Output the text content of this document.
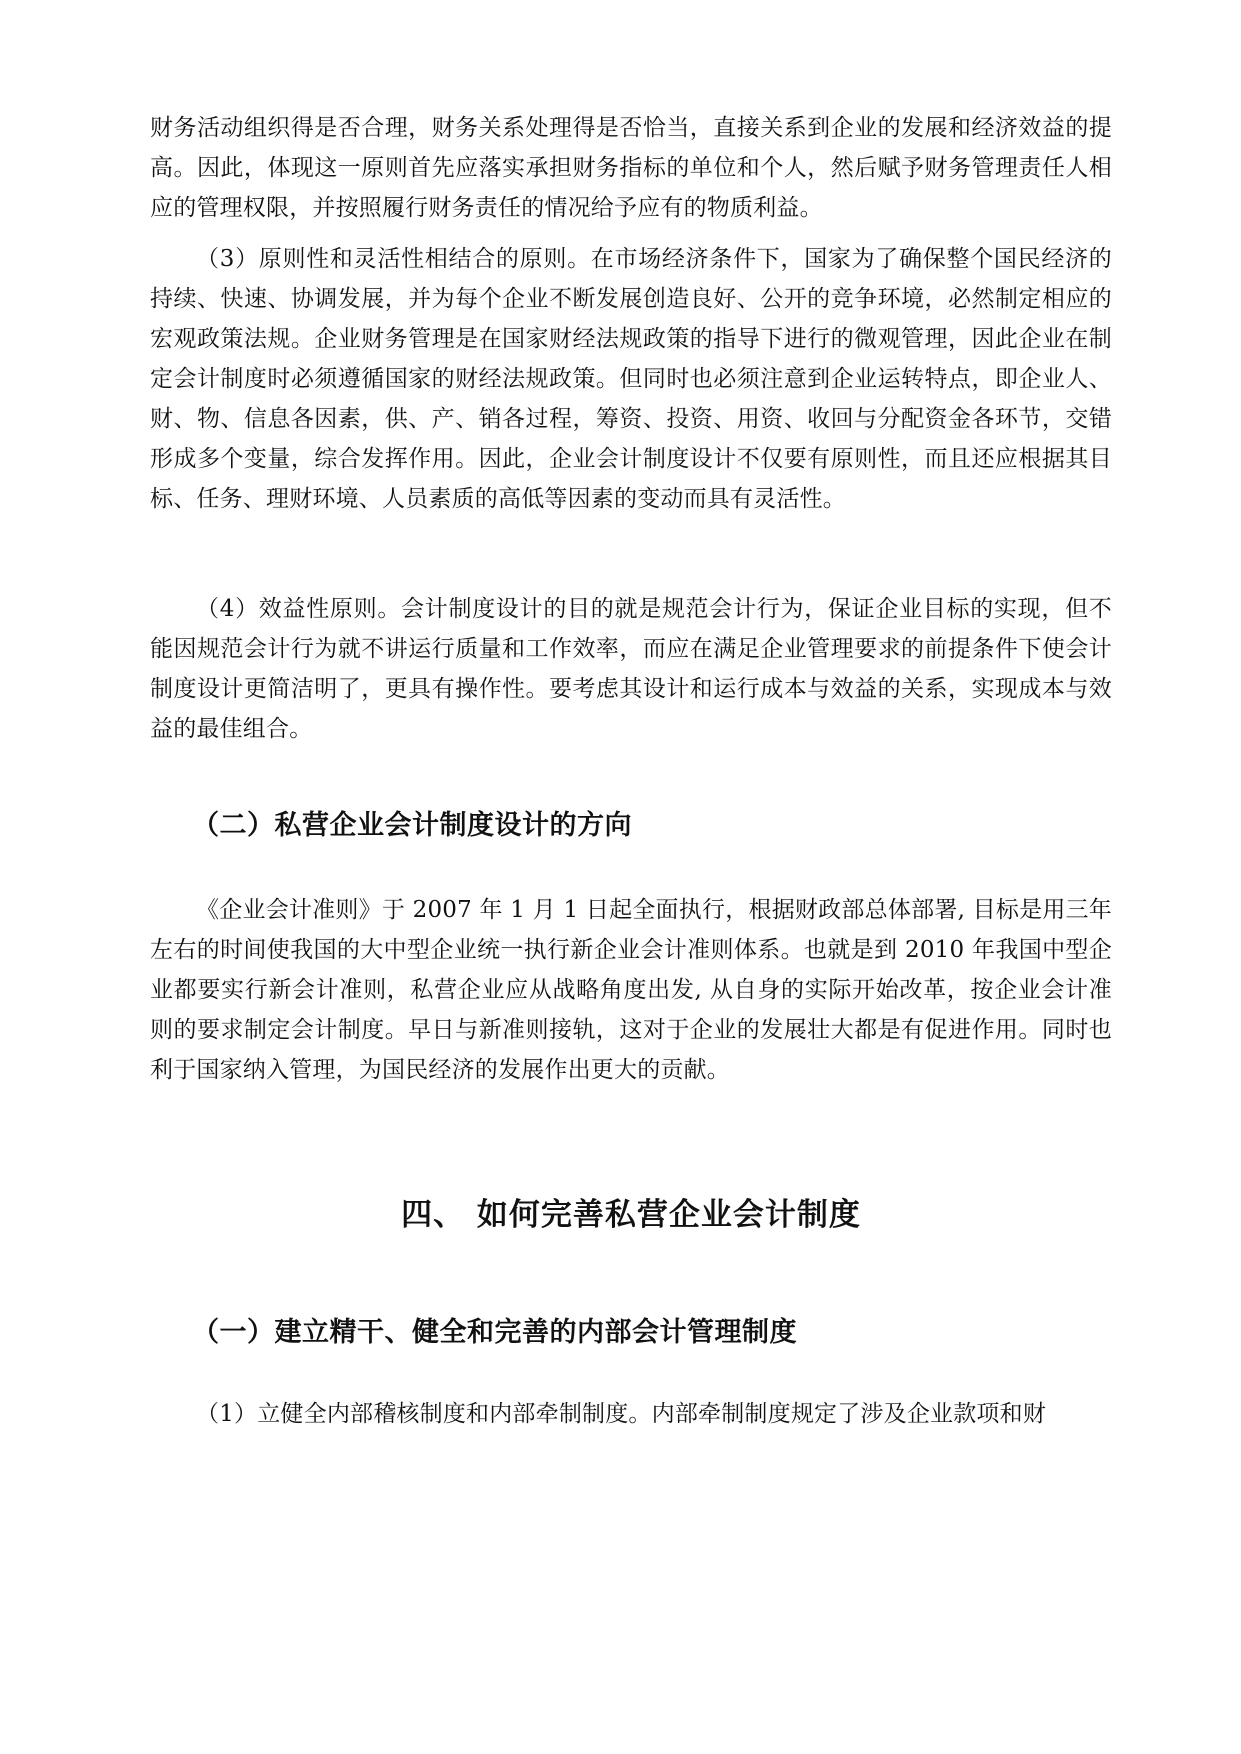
财务活动组织得是否合理，财务关系处理得是否恰当，直接关系到企业的发展和经济效益的提高。因此，体现这一原则首先应落实承担财务指标的单位和个人，然后赋予财务管理责任人相应的管理权限，并按照履行财务责任的情况给予应有的物质利益。

（3）原则性和灵活性相结合的原则。在市场经济条件下，国家为了确保整个国民经济的持续、快速、协调发展，并为每个企业不断发展创造良好、公开的竞争环境，必然制定相应的宏观政策法规。企业财务管理是在国家财经法规政策的指导下进行的微观管理，因此企业在制定会计制度时必须遵循国家的财经法规政策。但同时也必须注意到企业运转特点，即企业人、财、物、信息各因素，供、产、销各过程，筹资、投资、用资、收回与分配资金各环节，交错形成多个变量，综合发挥作用。因此，企业会计制度设计不仅要有原则性，而且还应根据其目标、任务、理财环境、人员素质的高低等因素的变动而具有灵活性。

（4）效益性原则。会计制度设计的目的就是规范会计行为，保证企业目标的实现，但不能因规范会计行为就不讲运行质量和工作效率，而应在满足企业管理要求的前提条件下使会计制度设计更简洁明了，更具有操作性。要考虑其设计和运行成本与效益的关系，实现成本与效益的最佳组合。

（二）私营企业会计制度设计的方向

《企业会计准则》于 2007 年 1 月 1 日起全面执行，根据财政部总体部署, 目标是用三年左右的时间使我国的大中型企业统一执行新企业会计准则体系。也就是到 2010 年我国中型企业都要实行新会计准则，私营企业应从战略角度出发, 从自身的实际开始改革，按企业会计准则的要求制定会计制度。早日与新准则接轨，这对于企业的发展壮大都是有促进作用。同时也利于国家纳入管理，为国民经济的发展作出更大的贡献。

四、 如何完善私营企业会计制度
（一）建立精干、健全和完善的内部会计管理制度

（1）立健全内部稽核制度和内部牵制制度。内部牵制制度规定了涉及企业款项和财
